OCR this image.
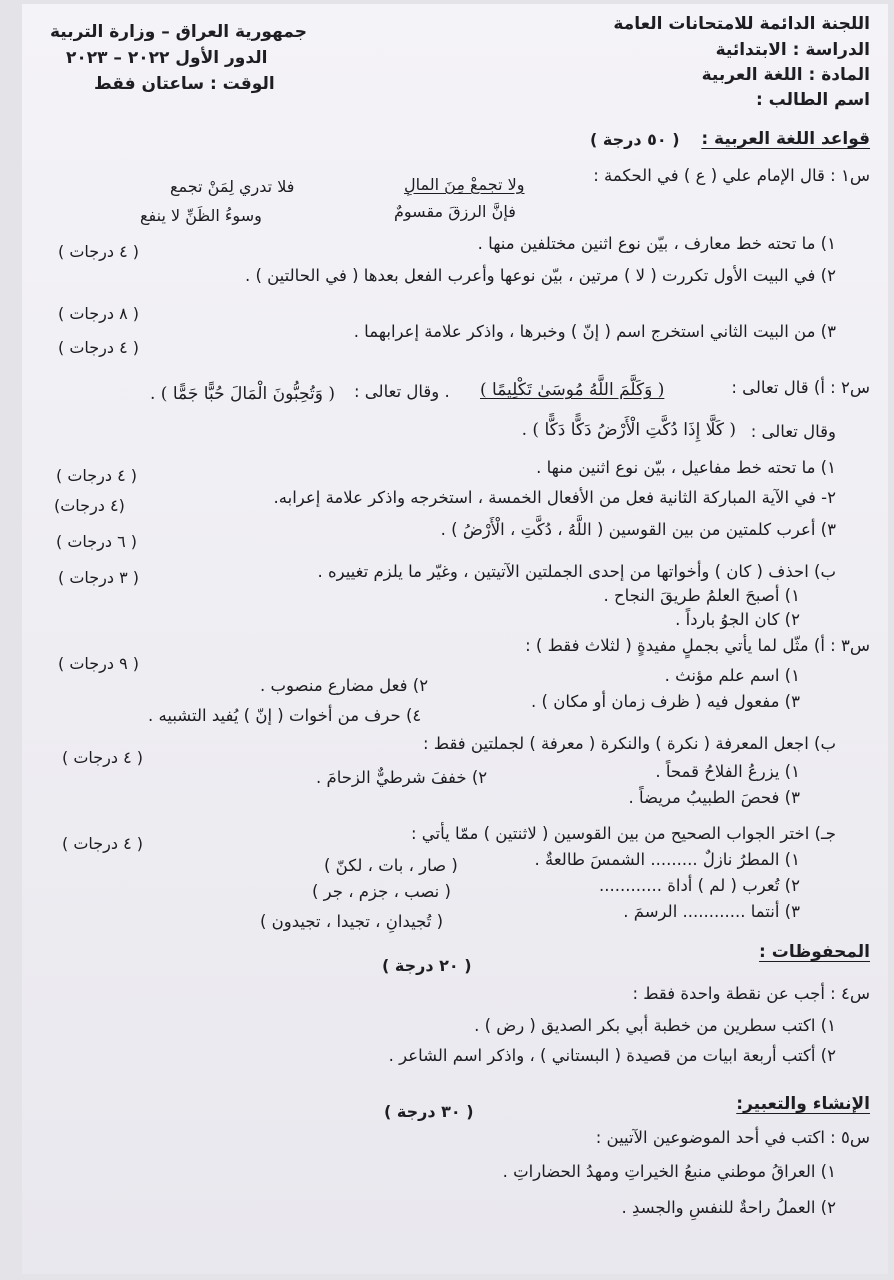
اللجنة الدائمة للامتحانات العامة
الدراسة : الابتدائية
المادة : اللغة العربية
اسم الطالب :
جمهورية العراق – وزارة التربية
الدور الأول ٢٠٢٢ – ٢٠٢٣
الوقت : ساعتان فقط
قواعد اللغة العربية :
( ٥٠ درجة )
س١ : قال الإمام علي ( ع ) في الحكمة :
ولا تجمعْ مِنَ المالِ
فلا تدري لِمَنْ تجمع
فإنَّ الرزقَ مقسومٌ
وسوءُ الظَنِّ لا ينفع
١) ما تحته خط معارف ، بيّن نوع اثنين مختلفين منها .
( ٤ درجات )
٢) في البيت الأول تكررت ( لا ) مرتين ، بيّن نوعها وأعرب الفعل بعدها ( في الحالتين ) .
( ٨ درجات )
٣) من البيت الثاني استخرج اسم ( إنّ ) وخبرها ، واذكر علامة إعرابهما .
( ٤ درجات )
س٢ : أ) قال تعالى :
( وَكَلَّمَ اللَّهُ مُوسَىٰ تَكْلِيمًا )
. وقال تعالى :
( وَتُحِبُّونَ الْمَالَ حُبًّا جَمًّا ) .
وقال تعالى :
( كَلَّا إِذَا دُكَّتِ الْأَرْضُ دَكًّا دَكًّا ) .
١) ما تحته خط مفاعيل ، بيّن نوع اثنين منها .
( ٤ درجات )
٢- في الآية المباركة الثانية فعل من الأفعال الخمسة ، استخرجه واذكر علامة إعرابه.
(٤ درجات)
٣) أعرب كلمتين من بين القوسين ( اللَّهُ ، دُكَّتِ ، الْأَرْضُ ) .
( ٦ درجات )
ب) احذف ( كان ) وأخواتها من إحدى الجملتين الآتيتين ، وغيّر ما يلزم تغييره .
( ٣ درجات )
١) أصبحَ العلمُ طريقَ النجاح .
٢) كان الجوُ بارداً .
س٣ : أ) مثّل لما يأتي بجملٍ مفيدةٍ ( لثلاث فقط ) :
( ٩ درجات )
١) اسم علم مؤنث .
٢) فعل مضارع منصوب .
٣) مفعول فيه ( ظرف زمان أو مكان ) .
٤) حرف من أخوات ( إنّ ) يُفيد التشبيه .
ب) اجعل المعرفة ( نكرة ) والنكرة ( معرفة ) لجملتين فقط :
( ٤ درجات )
١) يزرعُ الفلاحُ قمحاً .
٢) خففَ شرطيٌّ الزحامَ .
٣) فحصَ الطبيبُ مريضاً .
جـ) اختر الجواب الصحيح من بين القوسين ( لاثنتين ) ممّا يأتي :
( ٤ درجات )
١) المطرُ نازلٌ ......... الشمسَ طالعةٌ .
( صار ، بات ، لكنّ )
٢) تُعرب ( لم ) أداة ............
( نصب ، جزم ، جر )
٣) أنتما ............ الرسمَ .
( تُجيدانِ ، تجيدا ، تجيدون )
المحفوظات :
( ٢٠ درجة )
س٤ : أجب عن نقطة واحدة فقط :
١) اكتب سطرين من خطبة أبي بكر الصديق ( رض ) .
٢) أكتب أربعة ابيات من قصيدة ( البستاني ) ، واذكر اسم الشاعر .
الإنشاء والتعبير:
( ٣٠ درجة )
س٥ : اكتب في أحد الموضوعين الآتيين :
١) العراقُ موطني منبعُ الخيراتِ ومهدُ الحضاراتِ .
٢) العملُ راحةٌ للنفسِ والجسدِ .
